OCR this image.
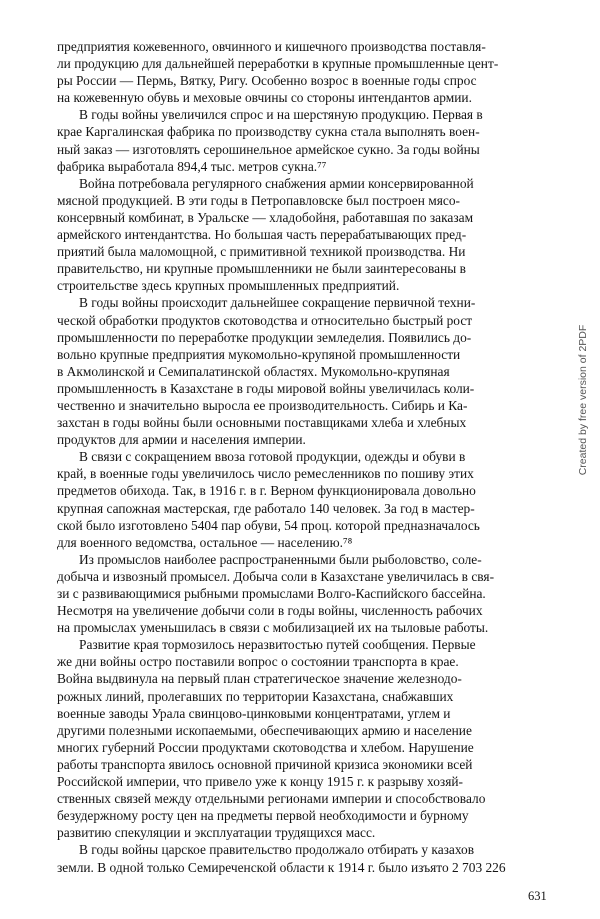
предприятия кожевенного, овчинного и кишечного производства поставля-
ли продукцию для дальнейшей переработки в крупные промышленные цент-
ры России — Пермь, Вятку, Ригу. Особенно возрос в военные годы спрос
на кожевенную обувь и меховые овчины со стороны интендантов армии.
В годы войны увеличился спрос и на шерстяную продукцию. Первая в
крае Каргалинская фабрика по производству сукна стала выполнять воен-
ный заказ — изготовлять серошинельное армейское сукно. За годы войны
фабрика выработала 894,4 тыс. метров сукна.⁷⁷
Война потребовала регулярного снабжения армии консервированной
мясной продукцией. В эти годы в Петропавловске был построен мясо-
консервный комбинат, в Уральске — хладобойня, работавшая по заказам
армейского интендантства. Но большая часть перерабатывающих пред-
приятий была маломощной, с примитивной техникой производства. Ни
правительство, ни крупные промышленники не были заинтересованы в
строительстве здесь крупных промышленных предприятий.
В годы войны происходит дальнейшее сокращение первичной техни-
ческой обработки продуктов скотоводства и относительно быстрый рост
промышленности по переработке продукции земледелия. Появились до-
вольно крупные предприятия мукомольно-крупяной промышленности
в Акмолинской и Семипалатинской областях. Мукомольно-крупяная
промышленность в Казахстане в годы мировой войны увеличилась коли-
чественно и значительно выросла ее производительность. Сибирь и Ка-
захстан в годы войны были основными поставщиками хлеба и хлебных
продуктов для армии и населения империи.
В связи с сокращением ввоза готовой продукции, одежды и обуви в
край, в военные годы увеличилось число ремесленников по пошиву этих
предметов обихода. Так, в 1916 г. в г. Верном функционировала довольно
крупная сапожная мастерская, где работало 140 человек. За год в мастер-
ской было изготовлено 5404 пар обуви, 54 проц. которой предназначалось
для военного ведомства, остальное — населению.⁷⁸
Из промыслов наиболее распространенными были рыболовство, соле-
добыча и извозный промысел. Добыча соли в Казахстане увеличилась в свя-
зи с развивающимися рыбными промыслами Волго-Каспийского бассейна.
Несмотря на увеличение добычи соли в годы войны, численность рабочих
на промыслах уменьшилась в связи с мобилизацией их на тыловые работы.
Развитие края тормозилось неразвитостью путей сообщения. Первые
же дни войны остро поставили вопрос о состоянии транспорта в крае.
Война выдвинула на первый план стратегическое значение железнодо-
рожных линий, пролегавших по территории Казахстана, снабжавших
военные заводы Урала свинцово-цинковыми концентратами, углем и
другими полезными ископаемыми, обеспечивающих армию и население
многих губерний России продуктами скотоводства и хлебом. Нарушение
работы транспорта явилось основной причиной кризиса экономики всей
Российской империи, что привело уже к концу 1915 г. к разрыву хозяй-
ственных связей между отдельными регионами империи и способствовало
безудержному росту цен на предметы первой необходимости и бурному
развитию спекуляции и эксплуатации трудящихся масс.
В годы войны царское правительство продолжало отбирать у казахов
земли. В одной только Семиреченской области к 1914 г. было изъято 2 703 226
Created by free version of 2PDF
631
